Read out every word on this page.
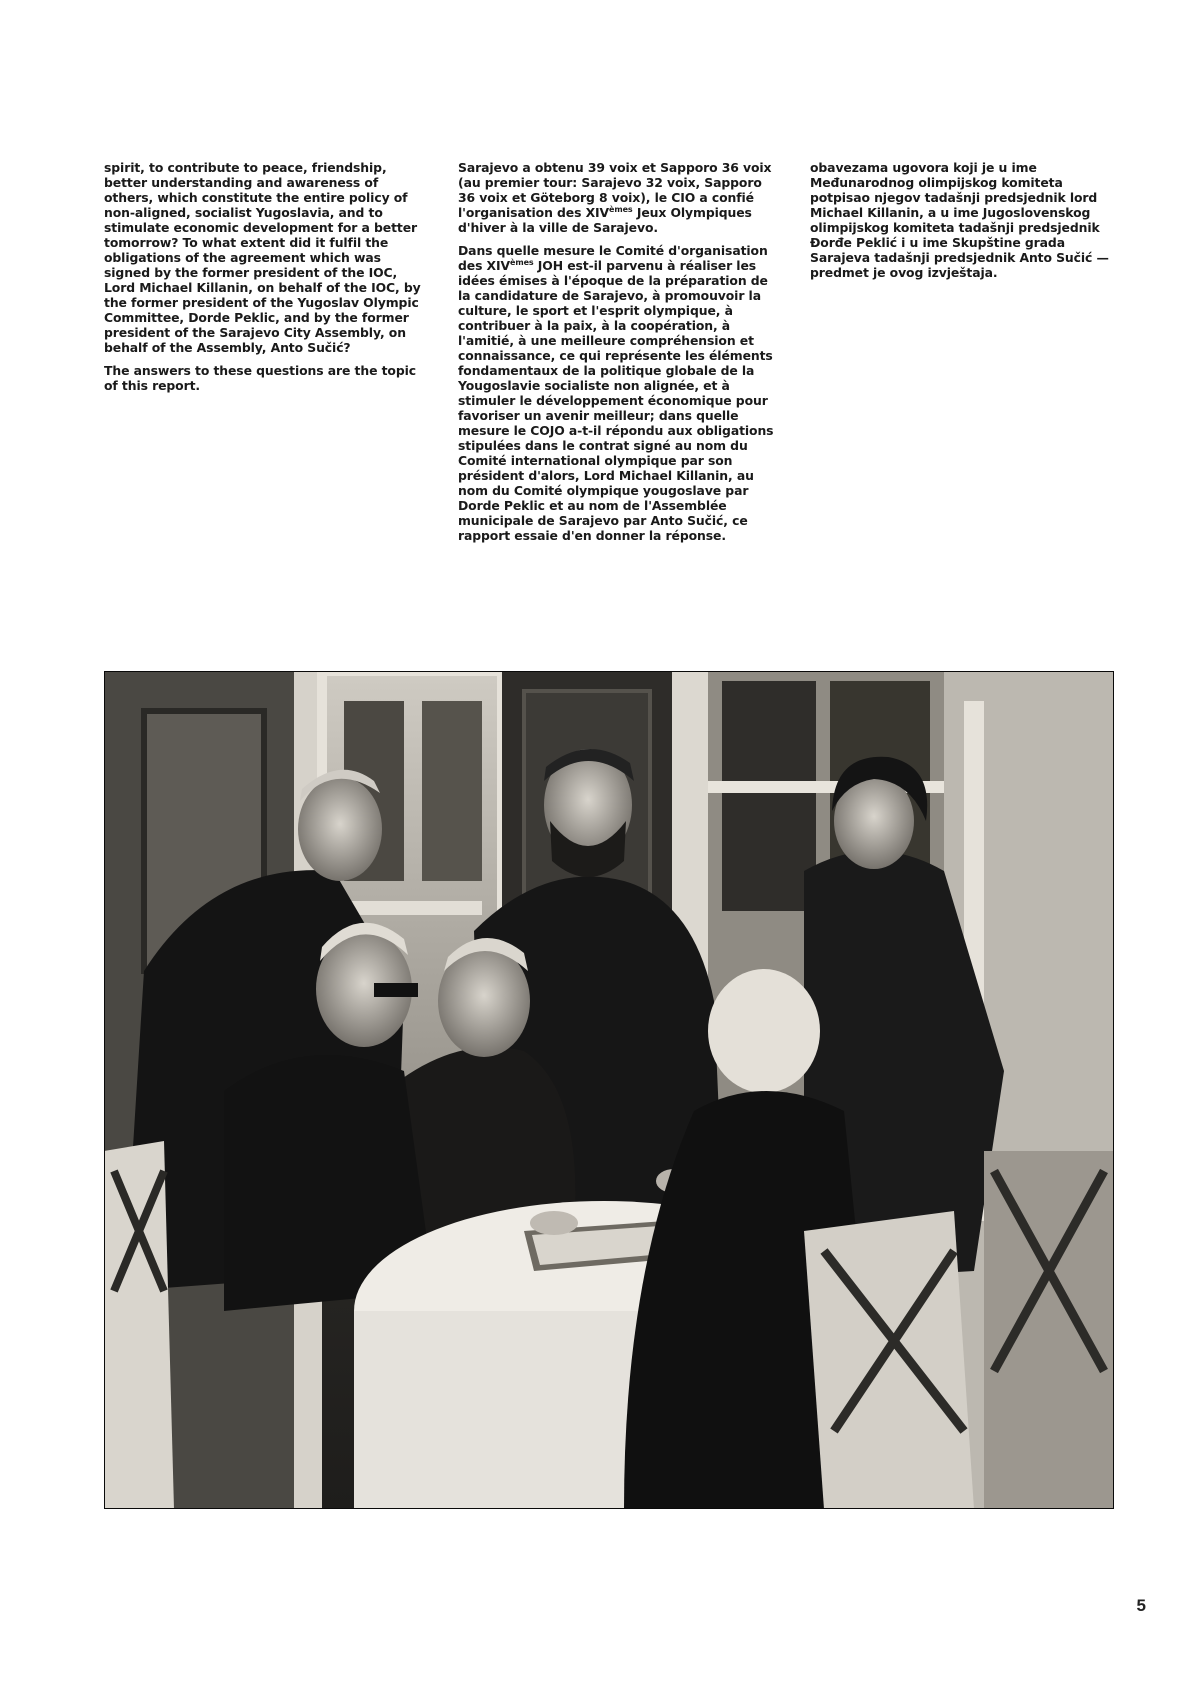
spirit, to contribute to peace, friendship, better understanding and awareness of others, which constitute the entire policy of non-aligned, socialist Yugoslavia, and to stimulate economic development for a better tomorrow? To what extent did it fulfil the obligations of the agreement which was signed by the former president of the IOC, Lord Michael Killanin, on behalf of the IOC, by the former president of the Yugoslav Olympic Committee, Dorde Peklic, and by the former president of the Sarajevo City Assembly, on behalf of the Assembly, Anto Sučić?

The answers to these questions are the topic of this report.

Sarajevo a obtenu 39 voix et Sapporo 36 voix (au premier tour: Sarajevo 32 voix, Sapporo 36 voix et Göteborg 8 voix), le CIO a confié l'organisation des XIVèmes Jeux Olympiques d'hiver à la ville de Sarajevo.

Dans quelle mesure le Comité d'organisation des XIVèmes JOH est-il parvenu à réaliser les idées émises à l'époque de la préparation de la candidature de Sarajevo, à promouvoir la culture, le sport et l'esprit olympique, à contribuer à la paix, à la coopération, à l'amitié, à une meilleure compréhension et connaissance, ce qui représente les éléments fondamentaux de la politique globale de la Yougoslavie socialiste non alignée, et à stimuler le développement économique pour favoriser un avenir meilleur; dans quelle mesure le COJO a-t-il répondu aux obligations stipulées dans le contrat signé au nom du Comité international olympique par son président d'alors, Lord Michael Killanin, au nom du Comité olympique yougoslave par Dorde Peklic et au nom de l'Assemblée municipale de Sarajevo par Anto Sučić, ce rapport essaie d'en donner la réponse.

obavezama ugovora koji je u ime Međunarodnog olimpijskog komiteta potpisao njegov tadašnji predsjednik lord Michael Killanin, a u ime Jugoslovenskog olimpijskog komiteta tadašnji predsjednik Đorđe Peklić i u ime Skupštine grada Sarajeva tadašnji predsjednik Anto Sučić — predmet je ovog izvještaja.

5
